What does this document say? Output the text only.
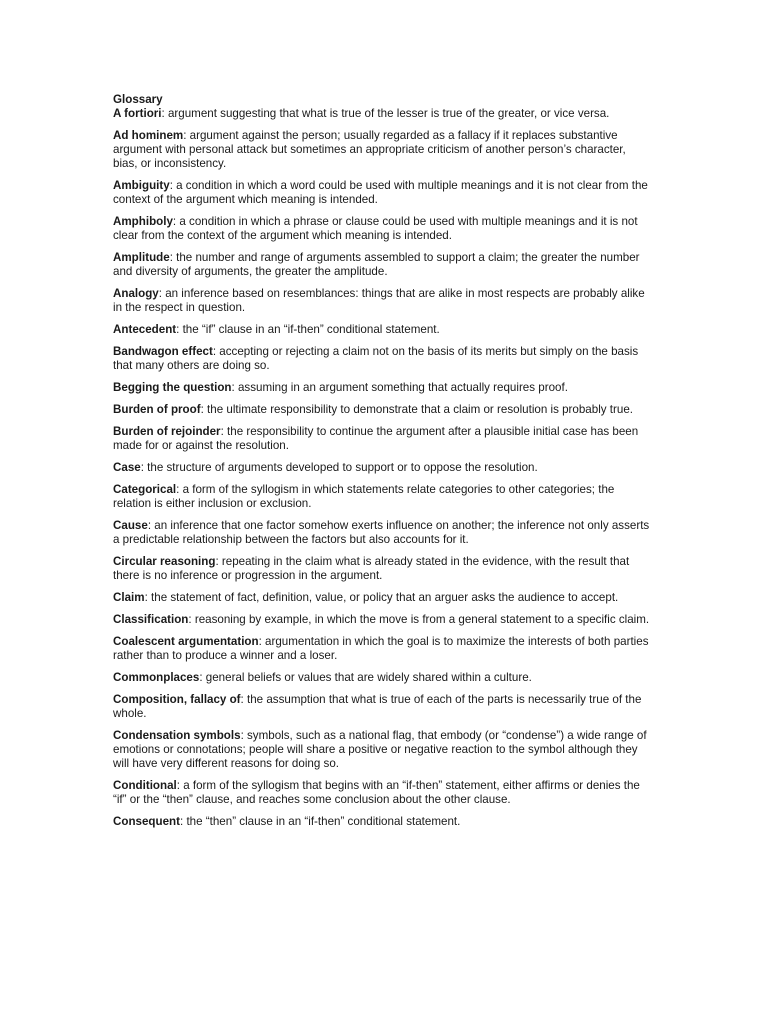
Glossary

A fortiori: argument suggesting that what is true of the lesser is true of the greater, or vice versa.

Ad hominem: argument against the person; usually regarded as a fallacy if it replaces substantive argument with personal attack but sometimes an appropriate criticism of another person’s character, bias, or inconsistency.

Ambiguity: a condition in which a word could be used with multiple meanings and it is not clear from the context of the argument which meaning is intended.

Amphiboly: a condition in which a phrase or clause could be used with multiple meanings and it is not clear from the context of the argument which meaning is intended.

Amplitude: the number and range of arguments assembled to support a claim; the greater the number and diversity of arguments, the greater the amplitude.

Analogy: an inference based on resemblances: things that are alike in most respects are probably alike in the respect in question.

Antecedent: the “if” clause in an “if-then” conditional statement.

Bandwagon effect: accepting or rejecting a claim not on the basis of its merits but simply on the basis that many others are doing so.

Begging the question: assuming in an argument something that actually requires proof.

Burden of proof: the ultimate responsibility to demonstrate that a claim or resolution is probably true.

Burden of rejoinder: the responsibility to continue the argument after a plausible initial case has been made for or against the resolution.

Case: the structure of arguments developed to support or to oppose the resolution.

Categorical: a form of the syllogism in which statements relate categories to other categories; the relation is either inclusion or exclusion.

Cause: an inference that one factor somehow exerts influence on another; the inference not only asserts a predictable relationship between the factors but also accounts for it.

Circular reasoning: repeating in the claim what is already stated in the evidence, with the result that there is no inference or progression in the argument.

Claim: the statement of fact, definition, value, or policy that an arguer asks the audience to accept.

Classification: reasoning by example, in which the move is from a general statement to a specific claim.

Coalescent argumentation: argumentation in which the goal is to maximize the interests of both parties rather than to produce a winner and a loser.

Commonplaces: general beliefs or values that are widely shared within a culture.

Composition, fallacy of: the assumption that what is true of each of the parts is necessarily true of the whole.

Condensation symbols: symbols, such as a national flag, that embody (or “condense”) a wide range of emotions or connotations; people will share a positive or negative reaction to the symbol although they will have very different reasons for doing so.

Conditional: a form of the syllogism that begins with an “if-then” statement, either affirms or denies the “if” or the “then” clause, and reaches some conclusion about the other clause.

Consequent: the “then” clause in an “if-then” conditional statement.
